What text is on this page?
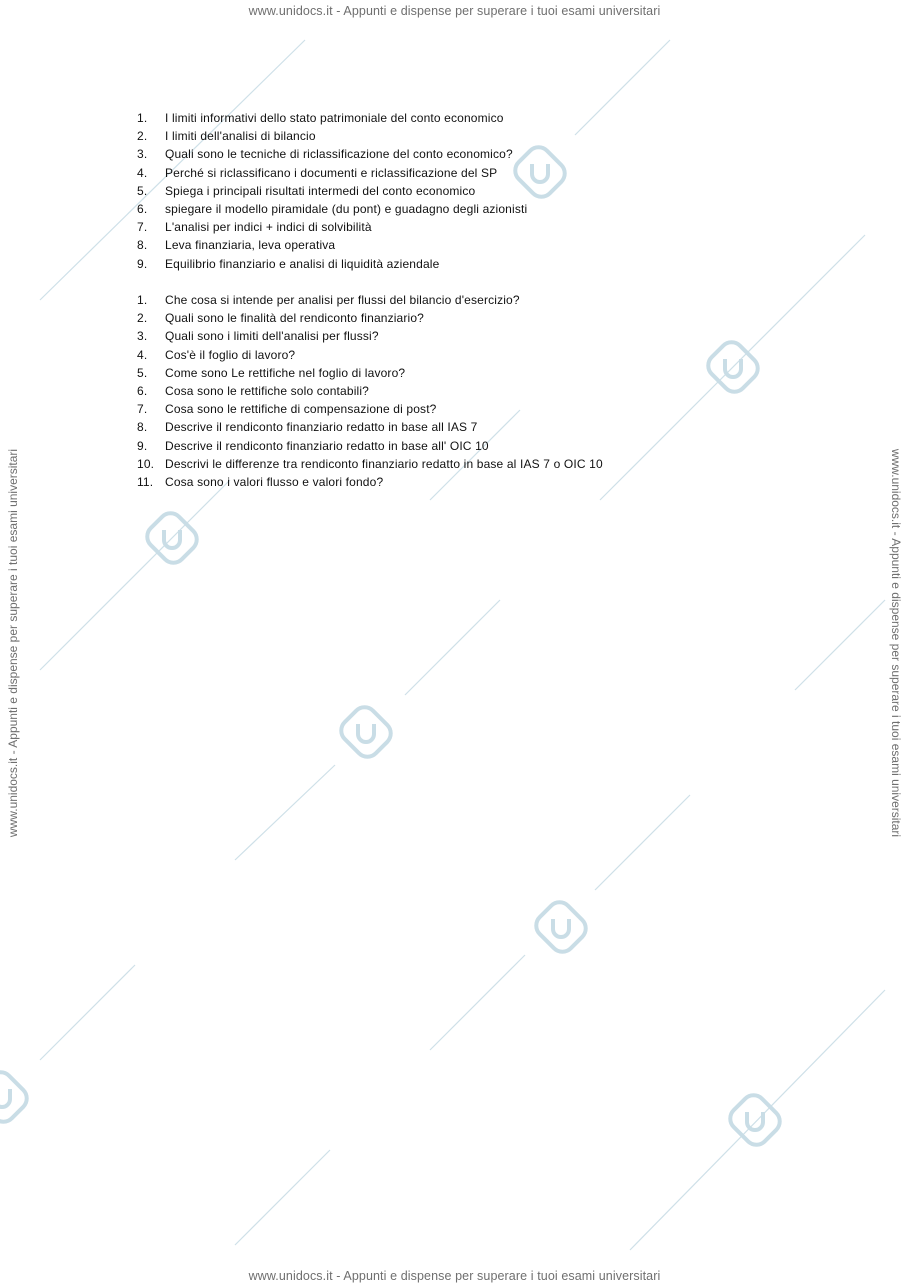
www.unidocs.it - Appunti e dispense per superare i tuoi esami universitari
www.unidocs.it - Appunti e dispense per superare i tuoi esami universitari
www.unidocs.it - Appunti e dispense per superare i tuoi esami universitari	www.unidocs.it - Appunti e dispense per superare i tuoi esami universitari
1. I limiti informativi dello stato patrimoniale del conto economico
2. I limiti dell'analisi di bilancio
3. Quali sono le tecniche di riclassificazione del conto economico?
4. Perché si riclassificano i documenti e riclassificazione del SP
5. Spiega i principali risultati intermedi del conto economico
6. spiegare il modello piramidale (du pont) e guadagno degli azionisti
7. L'analisi per indici + indici di solvibilità
8. Leva finanziaria, leva operativa
9. Equilibrio finanziario e analisi di liquidità aziendale
1. Che cosa si intende per analisi per flussi del bilancio d'esercizio?
2. Quali sono le finalità del rendiconto finanziario?
3. Quali sono i limiti dell'analisi per flussi?
4. Cos'è il foglio di lavoro?
5. Come sono Le rettifiche nel foglio di lavoro?
6. Cosa sono le rettifiche solo contabili?
7. Cosa sono le rettifiche di compensazione di post?
8. Descrive il rendiconto finanziario redatto in base all IAS 7
9. Descrive il rendiconto finanziario redatto in base all' OIC 10
10. Descrivi le differenze tra rendiconto finanziario redatto in base al IAS 7 o OIC 10
11. Cosa sono i valori flusso e valori fondo?
